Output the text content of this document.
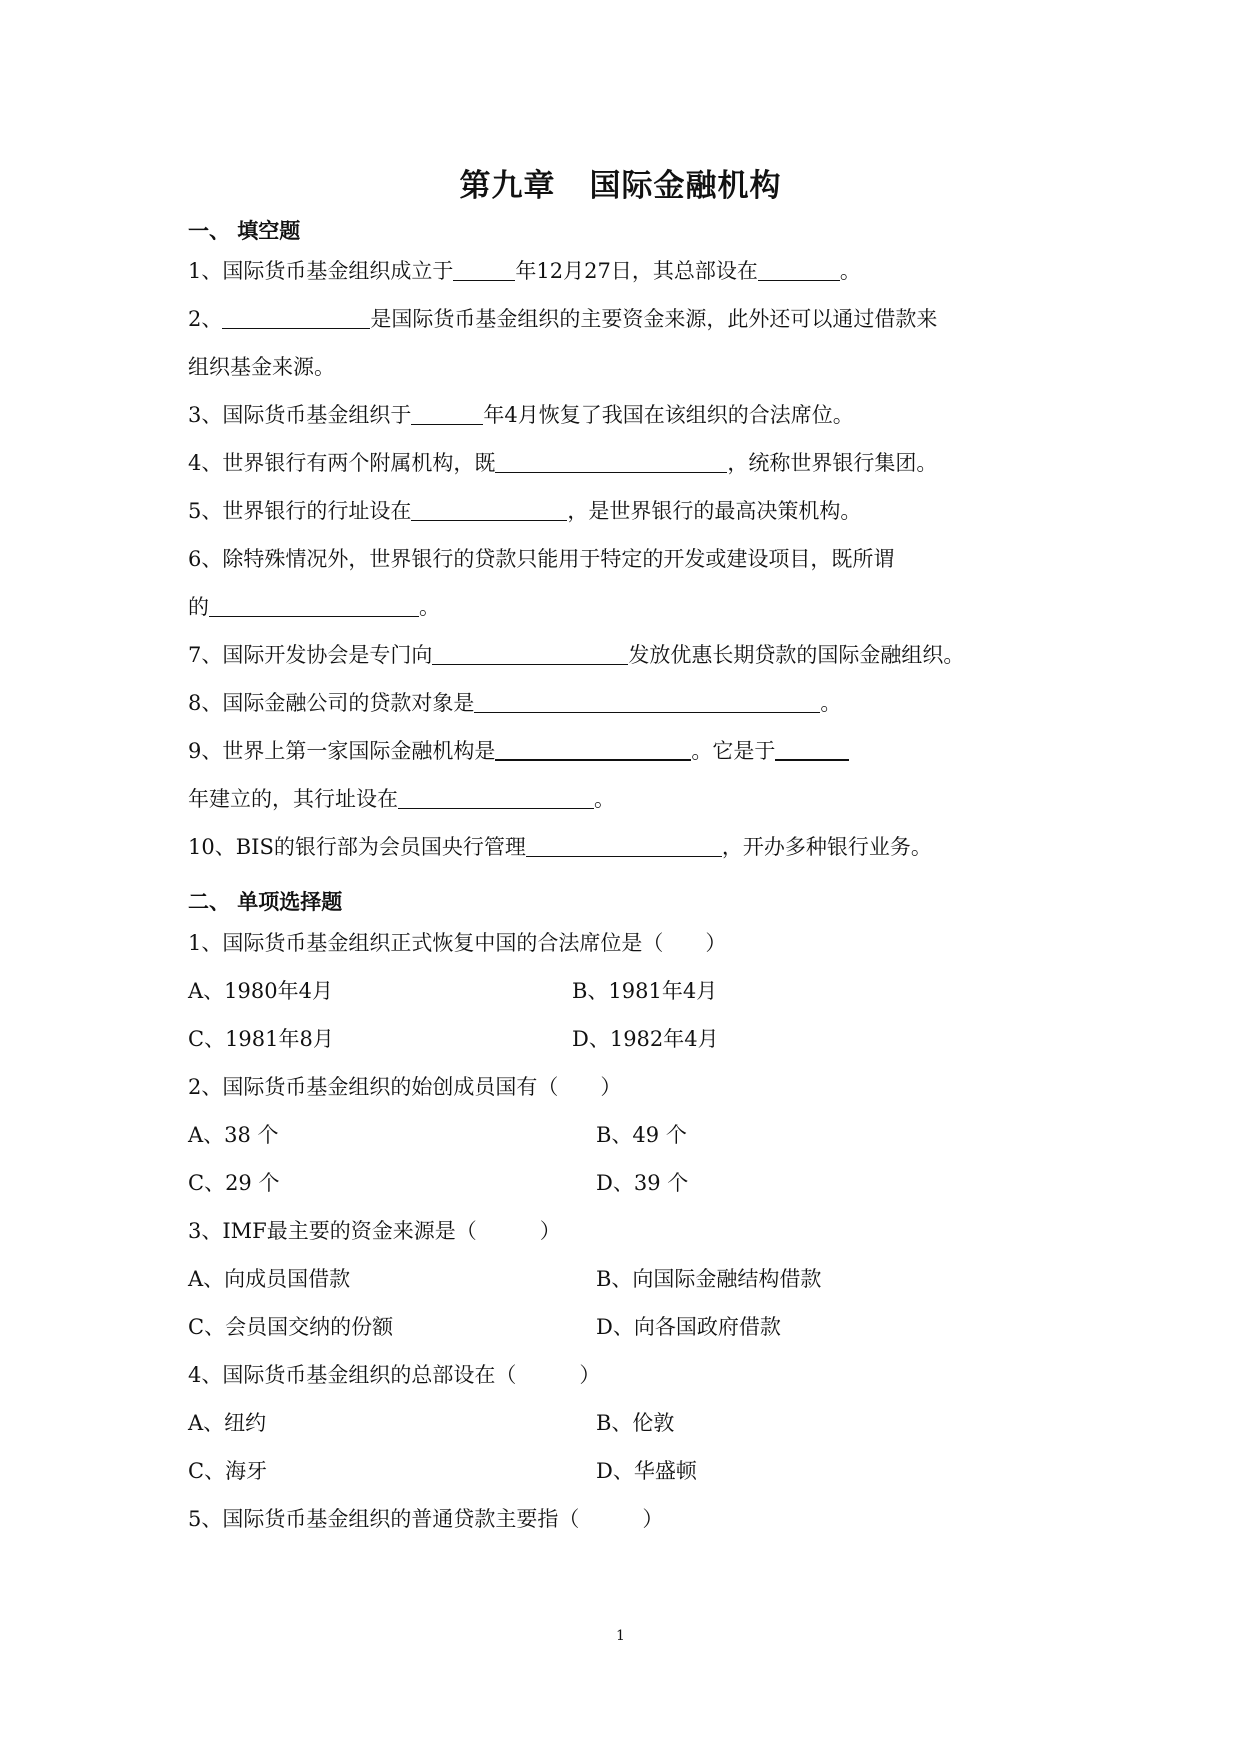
第九章 国际金融机构
一、 填空题
1、国际货币基金组织成立于	年12月27日，其总部设在	。
2、	是国际货币基金组织的主要资金来源，此外还可以通过借款来
组织基金来源。
3、国际货币基金组织于	年4月恢复了我国在该组织的合法席位。
4、世界银行有两个附属机构，既	，统称世界银行集团。
5、世界银行的行址设在	，是世界银行的最高决策机构。
6、除特殊情况外，世界银行的贷款只能用于特定的开发或建设项目，既所谓
的	。
7、国际开发协会是专门向	发放优惠长期贷款的国际金融组织。
8、国际金融公司的贷款对象是	。
9、世界上第一家国际金融机构是	。它是于
年建立的，其行址设在	。
10、BIS的银行部为会员国央行管理	，开办多种银行业务。
二、 单项选择题
1、国际货币基金组织正式恢复中国的合法席位是（　　）
A、1980年4月	B、1981年4月
C、1981年8月	D、1982年4月
2、国际货币基金组织的始创成员国有（　　）
A、38 个	B、49 个
C、29 个	D、39 个
3、IMF最主要的资金来源是（　　　）
A、向成员国借款	B、向国际金融结构借款
C、会员国交纳的份额	D、向各国政府借款
4、国际货币基金组织的总部设在（　　　）
A、纽约	B、伦敦
C、海牙	D、华盛顿
5、国际货币基金组织的普通贷款主要指（　　　）
1
